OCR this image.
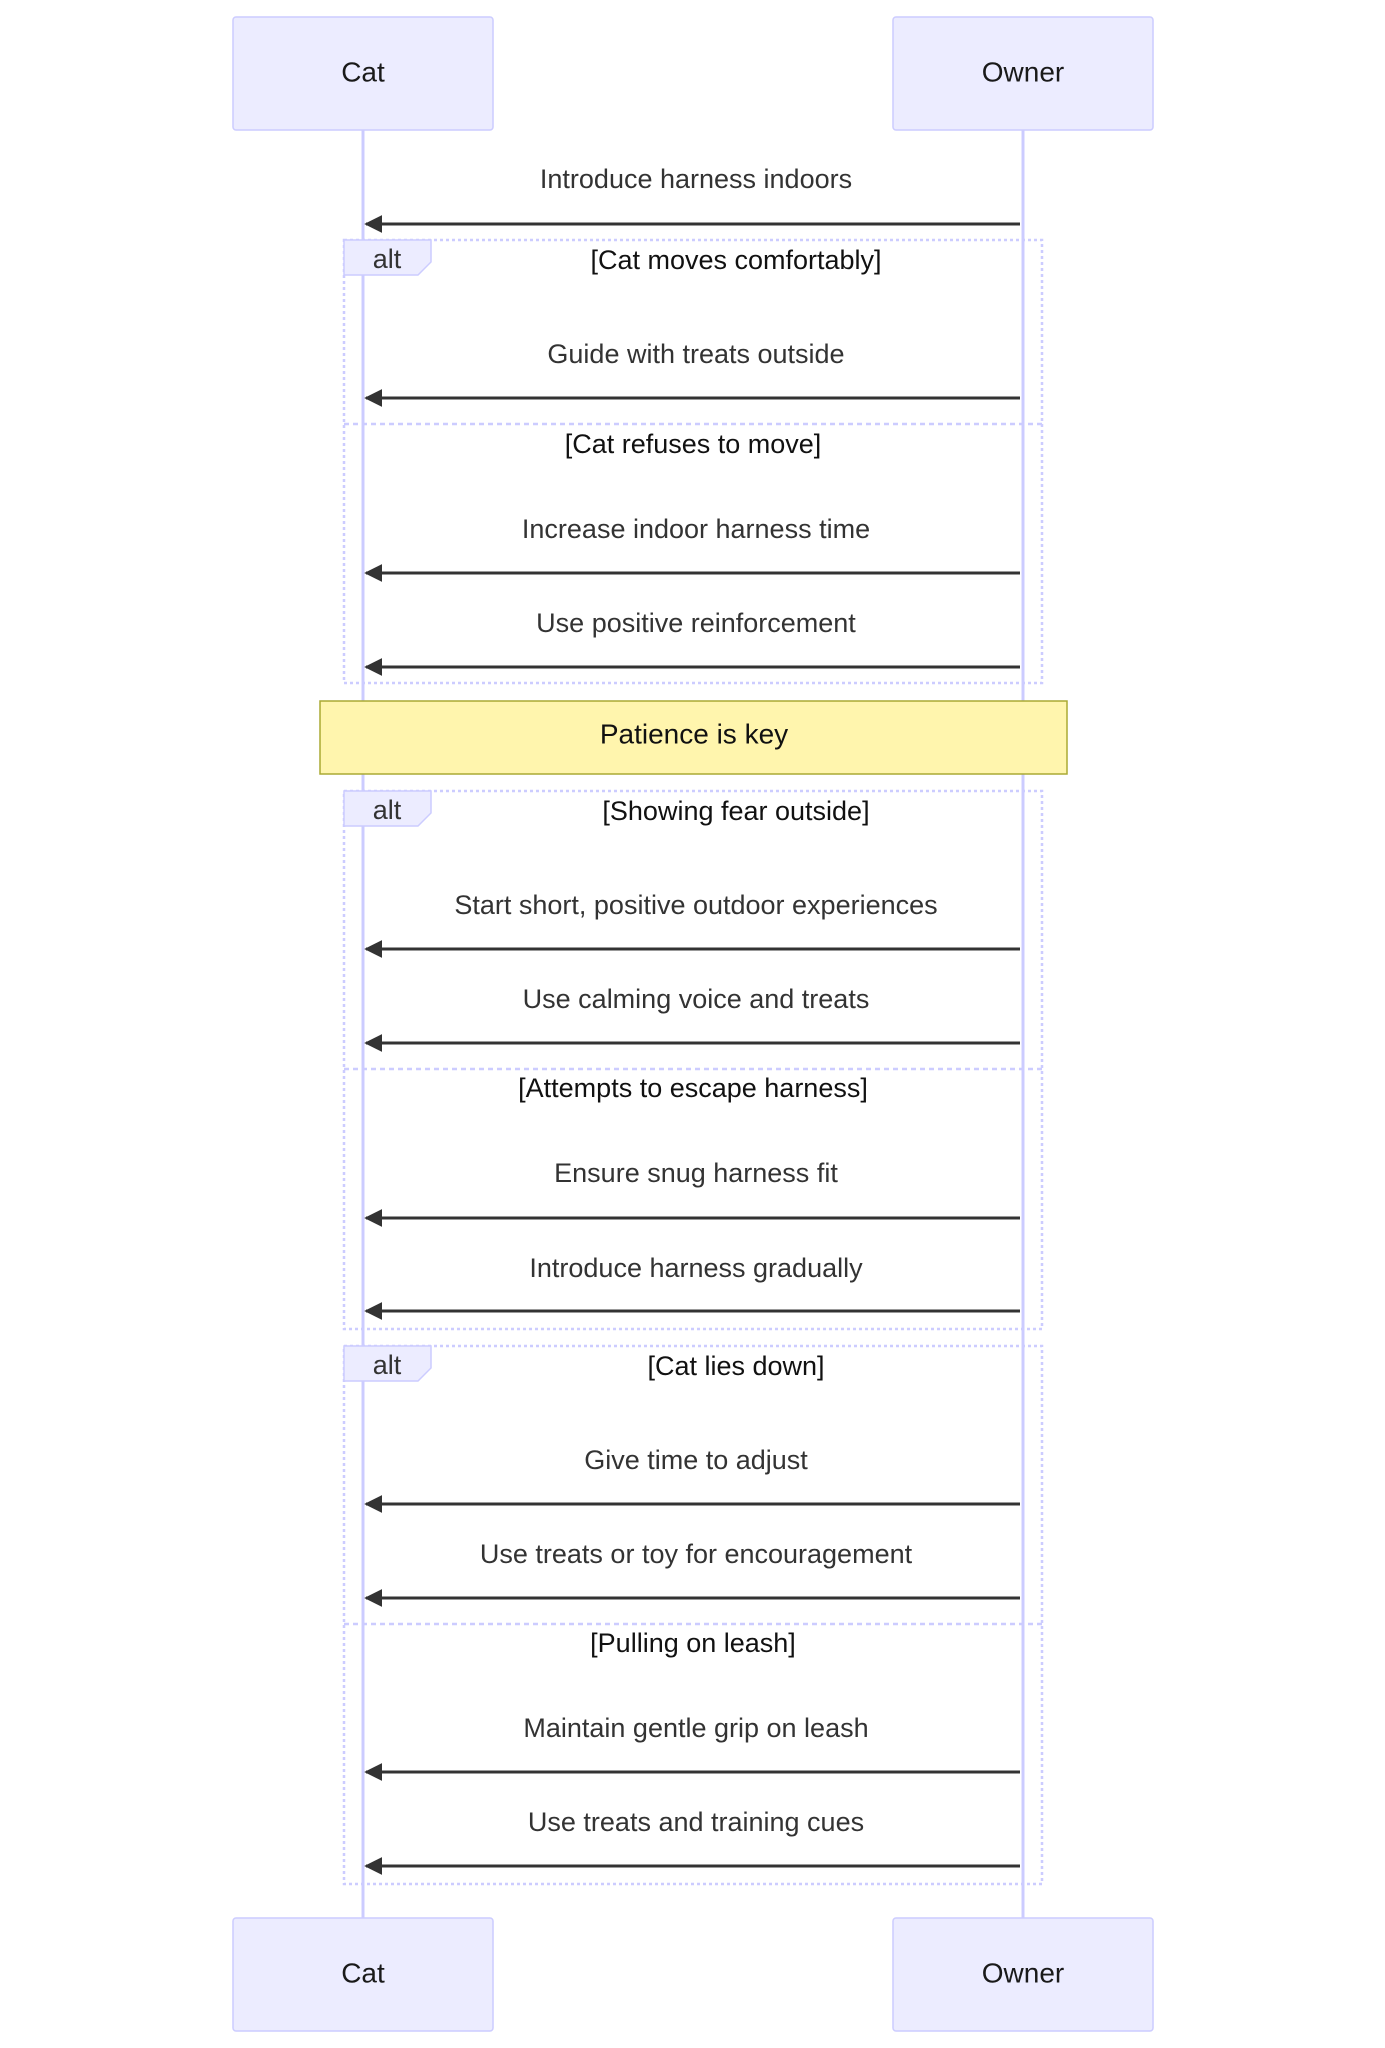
Cat	Owner
Introduce harness indoors
alt	[Cat moves comfortably]
Guide with treats outside
[Cat refuses to move]
Increase indoor harness time
Use positive reinforcement
Patience is key
alt	[Showing fear outside]
Start short, positive outdoor experiences
Use calming voice and treats
[Attempts to escape harness]
Ensure snug harness fit
Introduce harness gradually
alt	[Cat lies down]
Give time to adjust
Use treats or toy for encouragement
[Pulling on leash]
Maintain gentle grip on leash
Use treats and training cues
Cat	Owner
